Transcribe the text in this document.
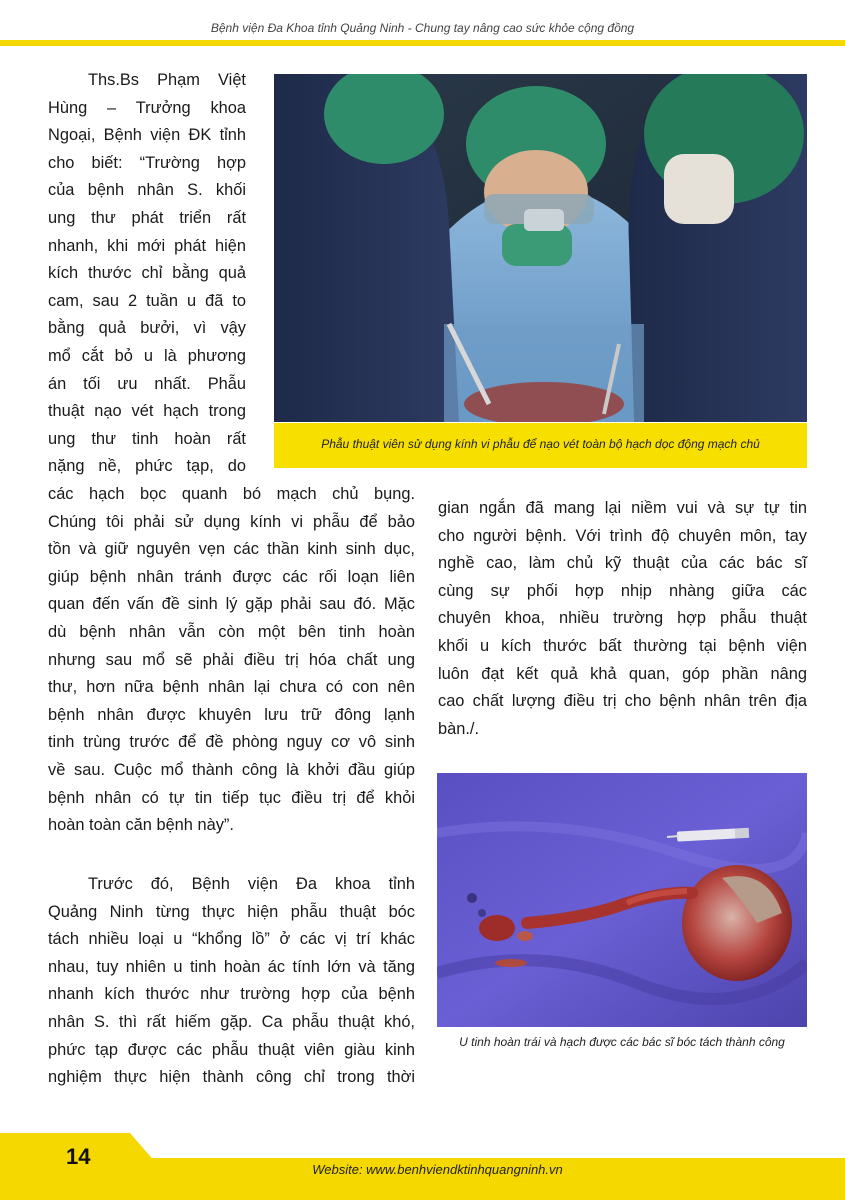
Bệnh viện Đa Khoa tỉnh Quảng Ninh - Chung tay nâng cao sức khỏe cộng đồng
Phẫu thuật viên sử dụng kính vi phẫu để nạo vét toàn bộ hạch dọc động mạch chủ
Ths.Bs Phạm Việt
Hùng – Trưởng khoa
Ngoại, Bệnh viện ĐK tỉnh
cho biết: “Trường hợp
của bệnh nhân S. khối
ung thư phát triển rất
nhanh, khi mới phát hiện
kích thước chỉ bằng quả
cam, sau 2 tuần u đã to
bằng quả bưởi, vì vậy
mổ cắt bỏ u là phương
án tối ưu nhất. Phẫu
thuật nạo vét hạch trong
ung thư tinh hoàn rất
nặng nề, phức tạp, do
các hạch bọc quanh bó mạch chủ bụng.
Chúng tôi phải sử dụng kính vi phẫu để bảo
tồn và giữ nguyên vẹn các thần kinh sinh dục,
giúp bệnh nhân tránh được các rối loạn liên
quan đến vấn đề sinh lý gặp phải sau đó. Mặc
dù bệnh nhân vẫn còn một bên tinh hoàn
nhưng sau mổ sẽ phải điều trị hóa chất ung
thư, hơn nữa bệnh nhân lại chưa có con nên
bệnh nhân được khuyên lưu trữ đông lạnh
tinh trùng trước để đề phòng nguy cơ vô sinh
về sau. Cuộc mổ thành công là khởi đầu giúp
bệnh nhân có tự tin tiếp tục điều trị để khỏi
hoàn toàn căn bệnh này”.
Trước đó, Bệnh viện Đa khoa tỉnh
Quảng Ninh từng thực hiện phẫu thuật bóc
tách nhiều loại u “khổng lồ” ở các vị trí khác
nhau, tuy nhiên u tinh hoàn ác tính lớn và tăng
nhanh kích thước như trường hợp của bệnh
nhân S. thì rất hiếm gặp. Ca phẫu thuật khó,
phức tạp được các phẫu thuật viên giàu kinh
nghiệm thực hiện thành công chỉ trong thời
gian ngắn đã mang lại niềm vui và sự tự tin
cho người bệnh. Với trình độ chuyên môn, tay
nghề cao, làm chủ kỹ thuật của các bác sĩ
cùng sự phối hợp nhịp nhàng giữa các
chuyên khoa, nhiều trường hợp phẫu thuật
khối u kích thước bất thường tại bệnh viện
luôn đạt kết quả khả quan, góp phần nâng
cao chất lượng điều trị cho bệnh nhân trên địa
bàn./.
U tinh hoàn trái và hạch được các bác sĩ bóc tách thành công
14
Website: www.benhviendktinhquangninh.vn
